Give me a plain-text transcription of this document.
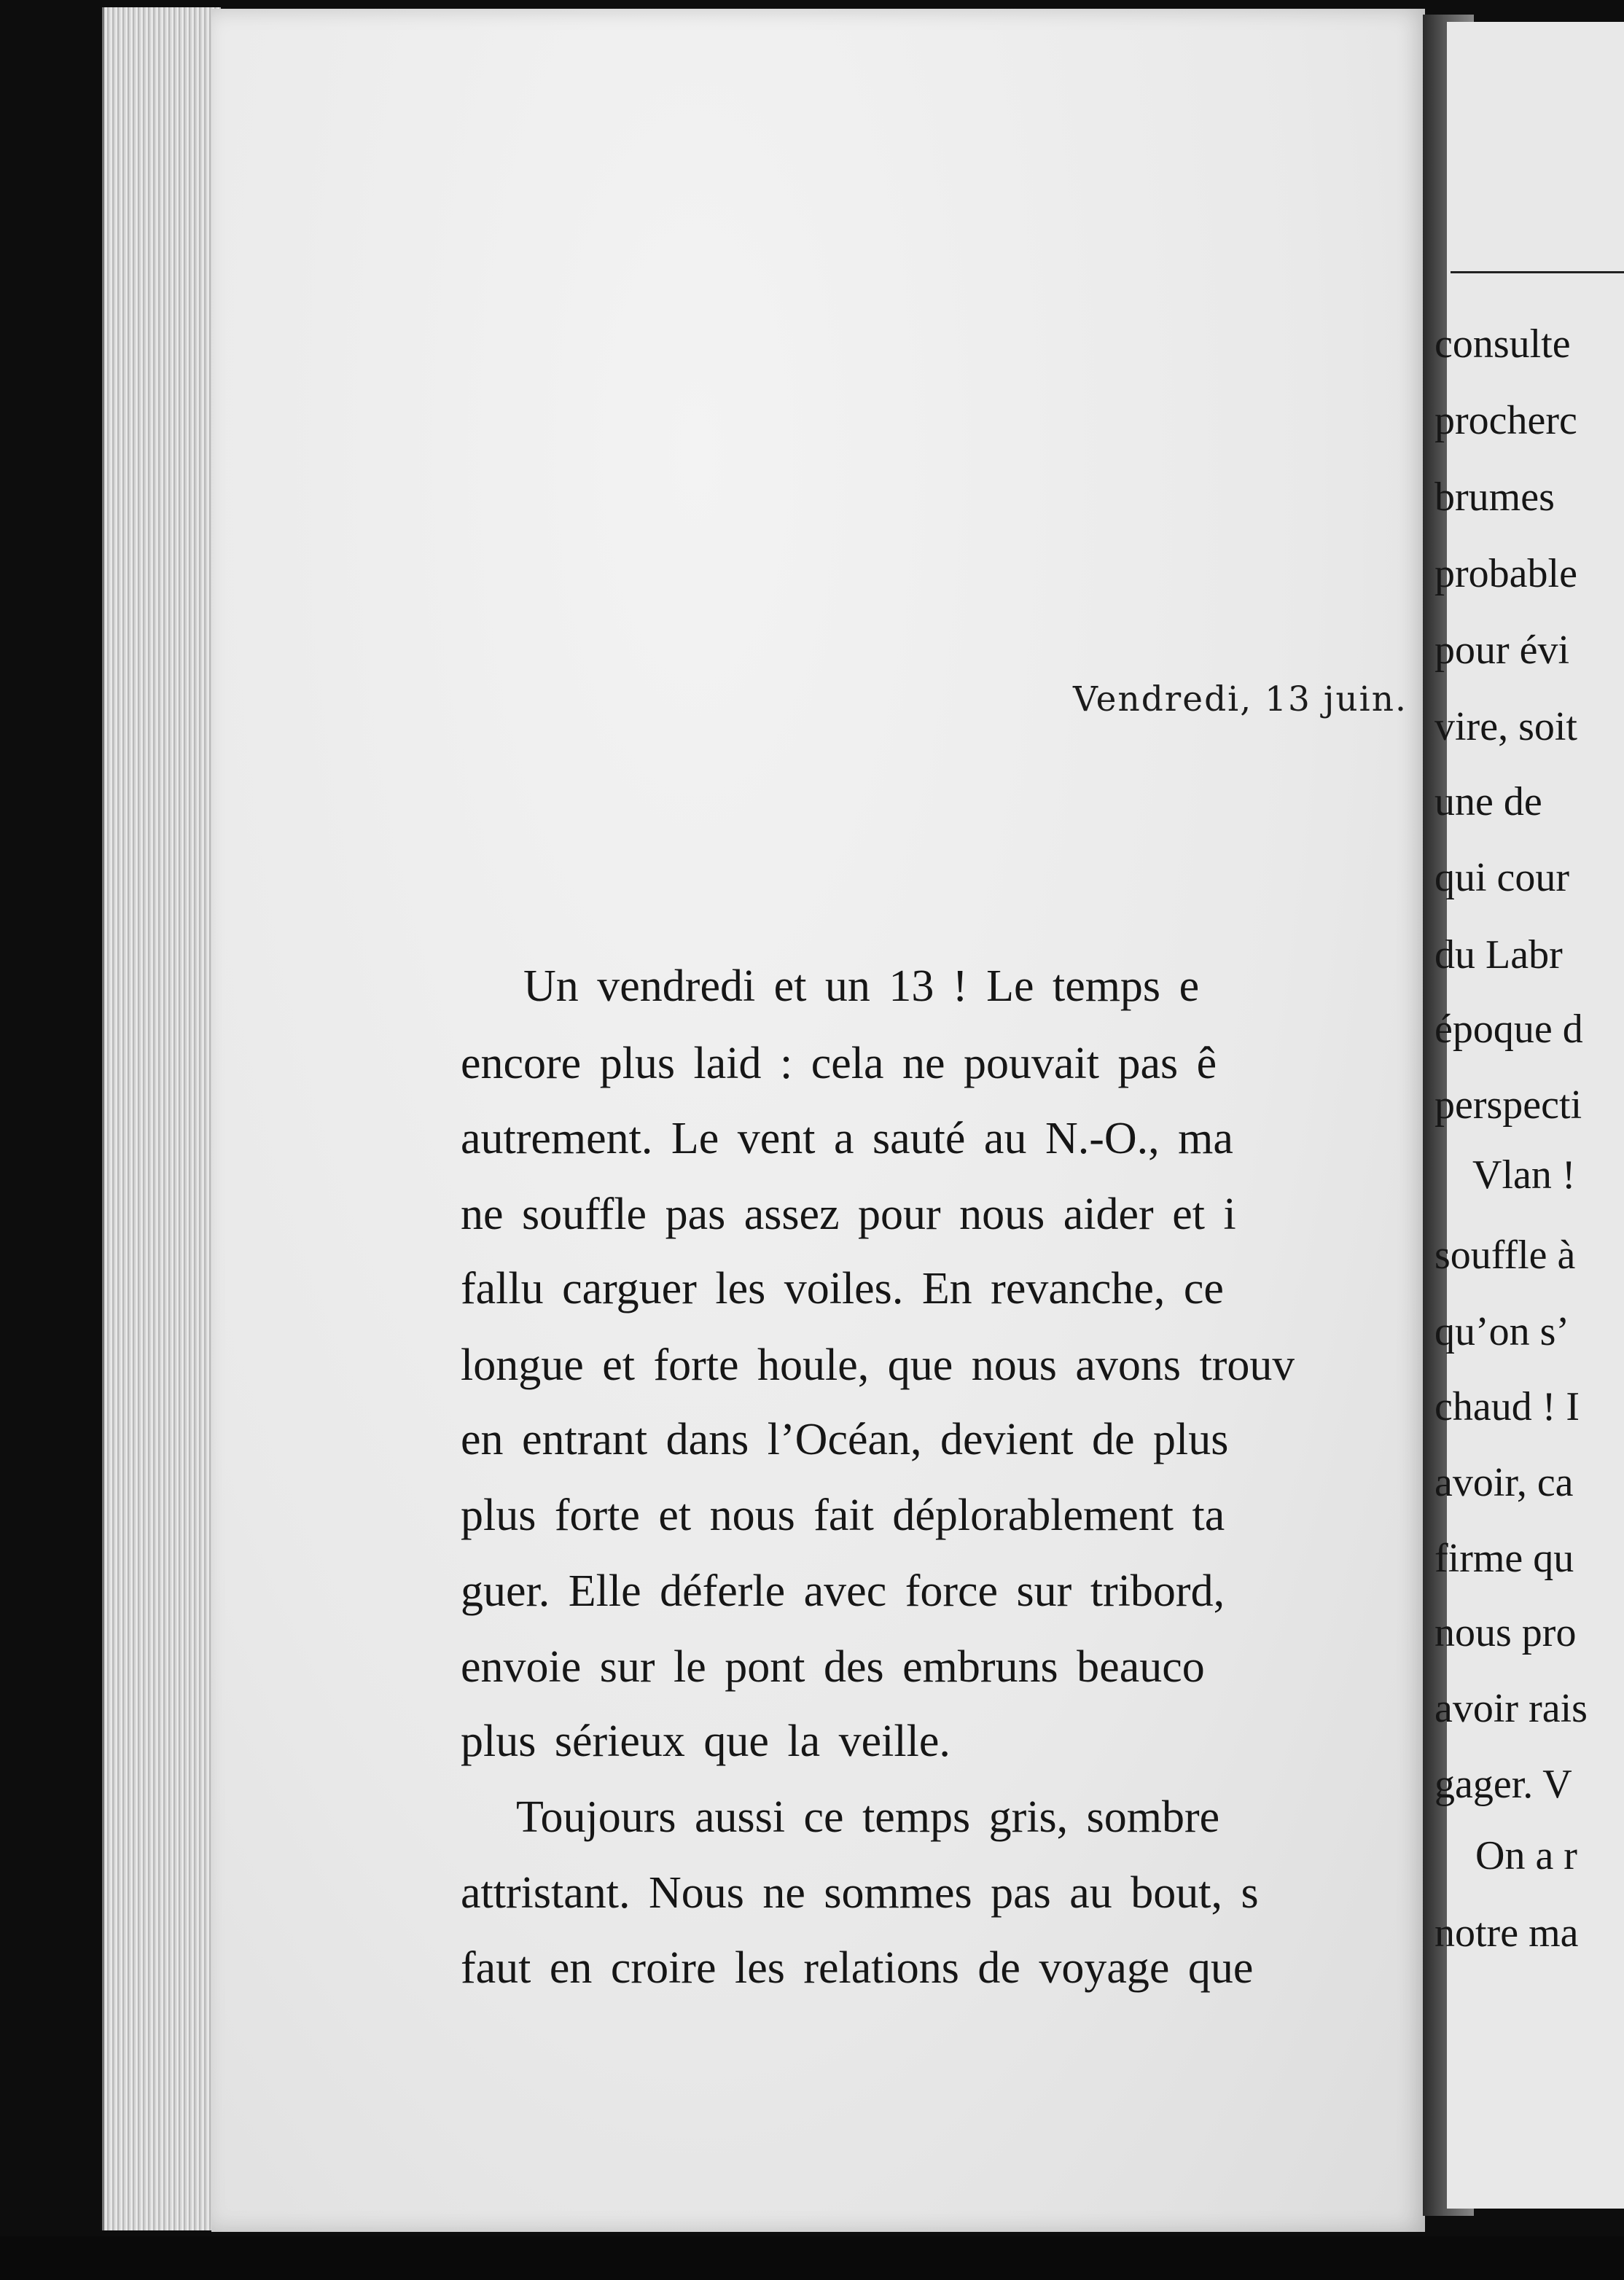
Vendredi, 13 juin.
Un vendredi et un 13 ! Le temps e
encore plus laid : cela ne pouvait pas ê
autrement. Le vent a sauté au N.-O., ma
ne souffle pas assez pour nous aider et i
fallu carguer les voiles. En revanche, ce
longue et forte houle, que nous avons trouv
en entrant dans l’Océan, devient de plus
plus forte et nous fait déplorablement ta
guer. Elle déferle avec force sur tribord,
envoie sur le pont des embruns beauco
plus sérieux que la veille.
Toujours aussi ce temps gris, sombre
attristant. Nous ne sommes pas au bout, s
faut en croire les relations de voyage que
consulte
procherc
brumes
probable
pour évi
vire, soit
une de
qui cour
du Labr
époque d
perspecti
Vlan !
souffle à
qu’on s’
chaud ! I
avoir, ca
firme qu
nous pro
avoir rais
gager. V
On a r
notre ma
